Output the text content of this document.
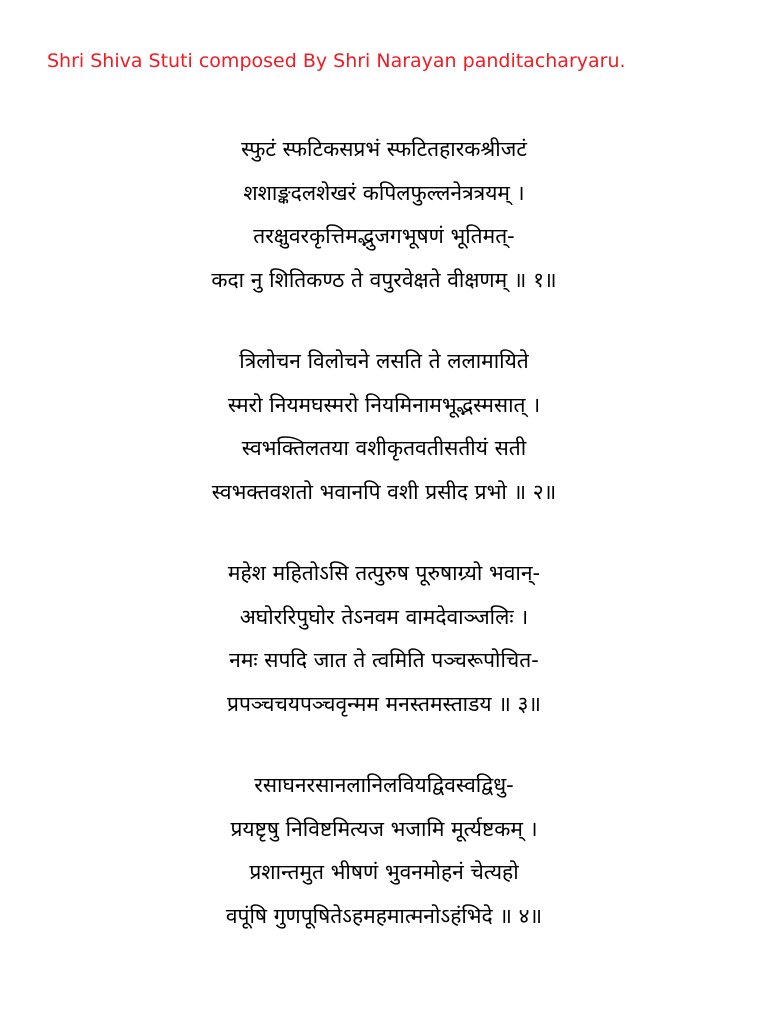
Shri Shiva Stuti composed By Shri Narayan panditacharyaru.
स्फुटं स्फटिकसप्रभं स्फटितहारकश्रीजटं
शशाङ्कदलशेखरं कपिलफुल्लनेत्रत्रयम् ।
तरक्षुवरकृत्तिमद्भुजगभूषणं भूतिमत्-
कदा नु शितिकण्ठ ते वपुरवेक्षते वीक्षणम् ॥ १॥
त्रिलोचन विलोचने लसति ते ललामायिते
स्मरो नियमघस्मरो नियमिनामभूद्भस्मसात् ।
स्वभक्तिलतया वशीकृतवतीसतीयं सती
स्वभक्तवशतो भवानपि वशी प्रसीद प्रभो ॥ २॥
महेश महितोऽसि तत्पुरुष पूरुषाग्र्यो भवान्-
अघोररिपुघोर तेऽनवम वामदेवाञ्जलिः ।
नमः सपदि जात ते त्वमिति पञ्चरूपोचित-
प्रपञ्चचयपञ्चवृन्मम मनस्तमस्ताडय ॥ ३॥
रसाघनरसानलानिलवियद्विवस्वद्विधु-
प्रयष्टृषु निविष्टमित्यज भजामि मूर्त्यष्टकम् ।
प्रशान्तमुत भीषणं भुवनमोहनं चेत्यहो
वपूंषि गुणपूषितेऽहमहमात्मनोऽहंभिदे ॥ ४॥
